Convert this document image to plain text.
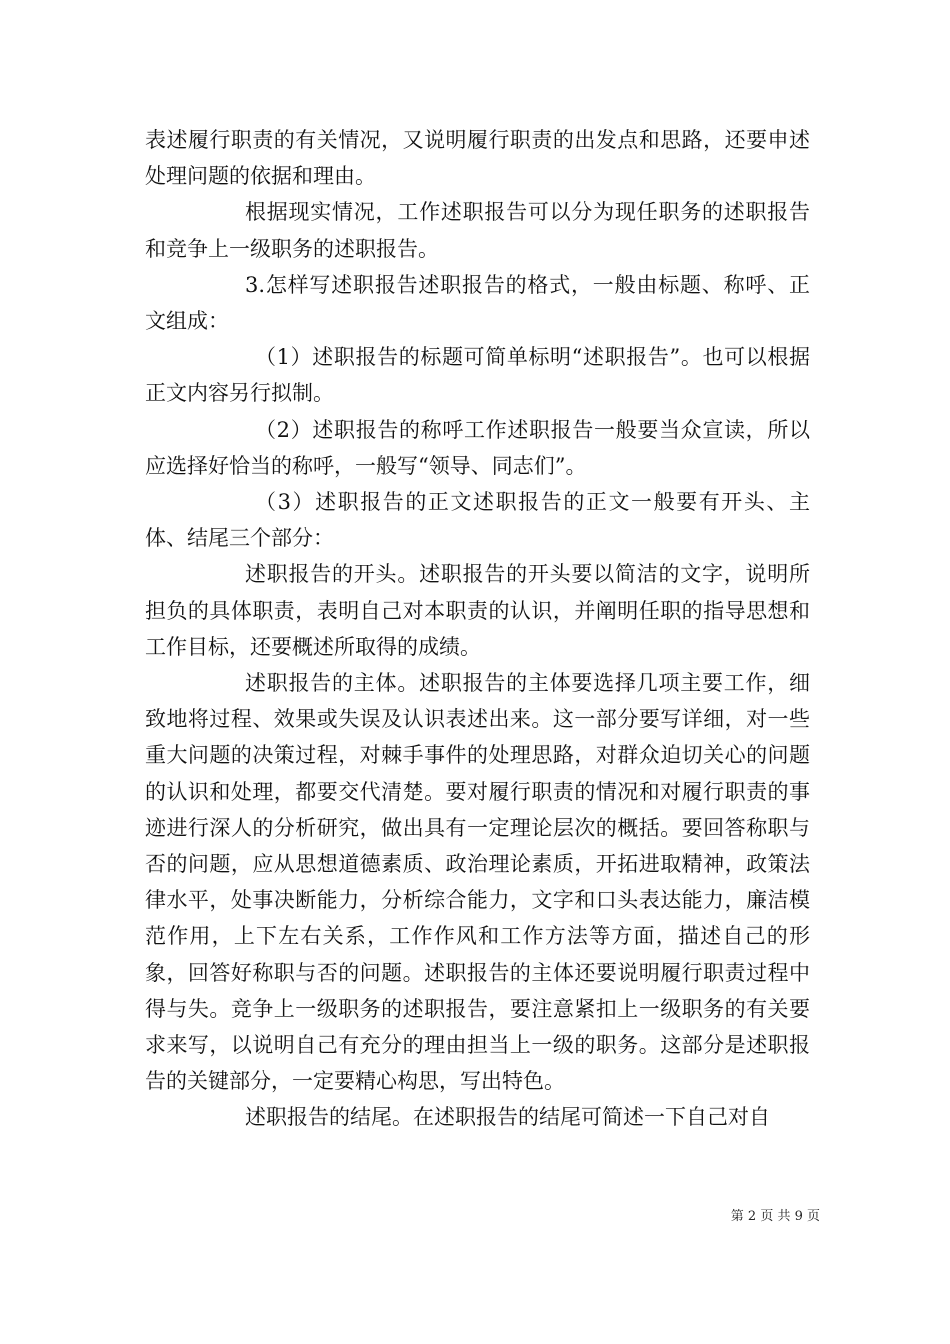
表述履行职责的有关情况，又说明履行职责的出发点和思路，还要申述处理问题的依据和理由。

根据现实情况，工作述职报告可以分为现任职务的述职报告和竞争上一级职务的述职报告。

3.怎样写述职报告述职报告的格式，一般由标题、称呼、正文组成：

（1）述职报告的标题可简单标明“述职报告”。也可以根据正文内容另行拟制。

（2）述职报告的称呼工作述职报告一般要当众宣读，所以应选择好恰当的称呼，一般写“领导、同志们”。

（3）述职报告的正文述职报告的正文一般要有开头、主体、结尾三个部分：

述职报告的开头。述职报告的开头要以简洁的文字，说明所担负的具体职责，表明自己对本职责的认识，并阐明任职的指导思想和工作目标，还要概述所取得的成绩。

述职报告的主体。述职报告的主体要选择几项主要工作，细致地将过程、效果或失误及认识表述出来。这一部分要写详细，对一些重大问题的决策过程，对棘手事件的处理思路，对群众迫切关心的问题的认识和处理，都要交代清楚。要对履行职责的情况和对履行职责的事迹进行深人的分析研究，做出具有一定理论层次的概括。要回答称职与否的问题，应从思想道德素质、政治理论素质，开拓进取精神，政策法律水平，处事决断能力，分析综合能力，文字和口头表达能力，廉洁模范作用，上下左右关系，工作作风和工作方法等方面，描述自己的形象，回答好称职与否的问题。述职报告的主体还要说明履行职责过程中得与失。竞争上一级职务的述职报告，要注意紧扣上一级职务的有关要求来写，以说明自己有充分的理由担当上一级的职务。这部分是述职报告的关键部分，一定要精心构思，写出特色。

述职报告的结尾。在述职报告的结尾可简述一下自己对自

第 2 页 共 9 页
